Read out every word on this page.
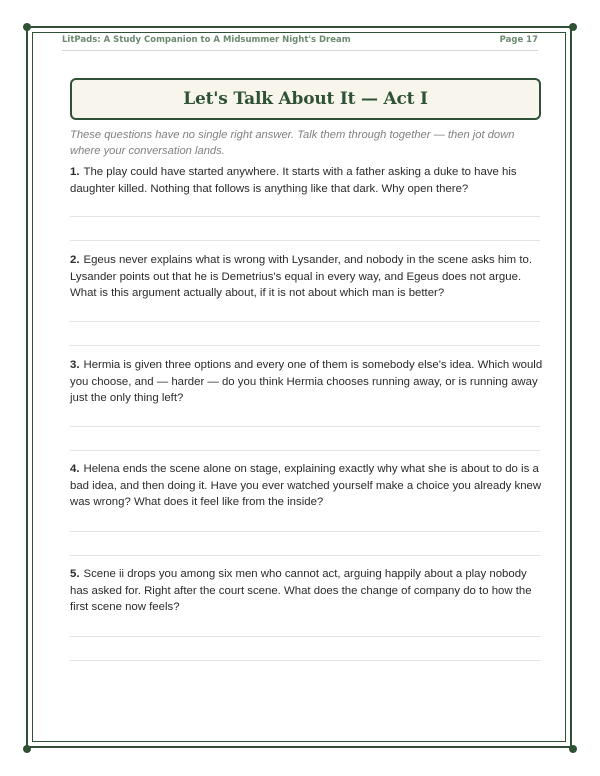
LitPads: A Study Companion to A Midsummer Night's Dream	Page 17
Let's Talk About It — Act I

These questions have no single right answer. Talk them through together — then jot down where your conversation lands.

1. The play could have started anywhere. It starts with a father asking a duke to have his daughter killed. Nothing that follows is anything like that dark. Why open there?

2. Egeus never explains what is wrong with Lysander, and nobody in the scene asks him to. Lysander points out that he is Demetrius's equal in every way, and Egeus does not argue. What is this argument actually about, if it is not about which man is better?

3. Hermia is given three options and every one of them is somebody else's idea. Which would you choose, and — harder — do you think Hermia chooses running away, or is running away just the only thing left?

4. Helena ends the scene alone on stage, explaining exactly why what she is about to do is a bad idea, and then doing it. Have you ever watched yourself make a choice you already knew was wrong? What does it feel like from the inside?

5. Scene ii drops you among six men who cannot act, arguing happily about a play nobody has asked for. Right after the court scene. What does the change of company do to how the first scene now feels?
